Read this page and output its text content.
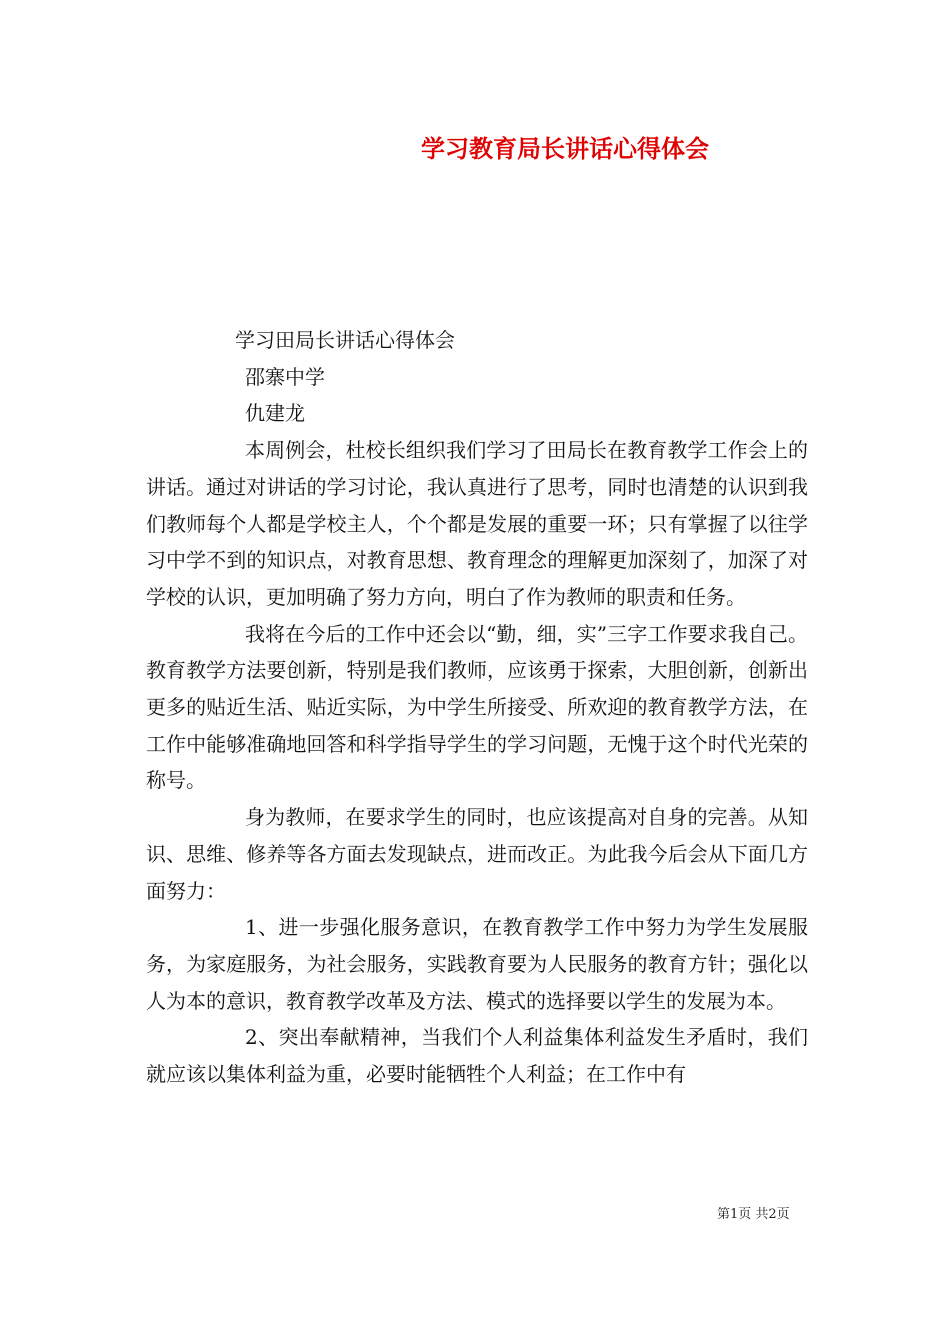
学习教育局长讲话心得体会

学习田局长讲话心得体会

邵寨中学

仇建龙

本周例会，杜校长组织我们学习了田局长在教育教学工作会上的讲话。通过对讲话的学习讨论，我认真进行了思考，同时也清楚的认识到我们教师每个人都是学校主人，个个都是发展的重要一环；只有掌握了以往学习中学不到的知识点，对教育思想、教育理念的理解更加深刻了，加深了对学校的认识，更加明确了努力方向，明白了作为教师的职责和任务。

我将在今后的工作中还会以“勤，细，实”三字工作要求我自己。教育教学方法要创新，特别是我们教师，应该勇于探索，大胆创新，创新出更多的贴近生活、贴近实际，为中学生所接受、所欢迎的教育教学方法，在工作中能够准确地回答和科学指导学生的学习问题，无愧于这个时代光荣的称号。

身为教师，在要求学生的同时，也应该提高对自身的完善。从知识、思维、修养等各方面去发现缺点，进而改正。为此我今后会从下面几方面努力：

1、进一步强化服务意识，在教育教学工作中努力为学生发展服务，为家庭服务，为社会服务，实践教育要为人民服务的教育方针；强化以人为本的意识，教育教学改革及方法、模式的选择要以学生的发展为本。

2、突出奉献精神，当我们个人利益集体利益发生矛盾时，我们就应该以集体利益为重，必要时能牺牲个人利益；在工作中有

第1页 共2页
